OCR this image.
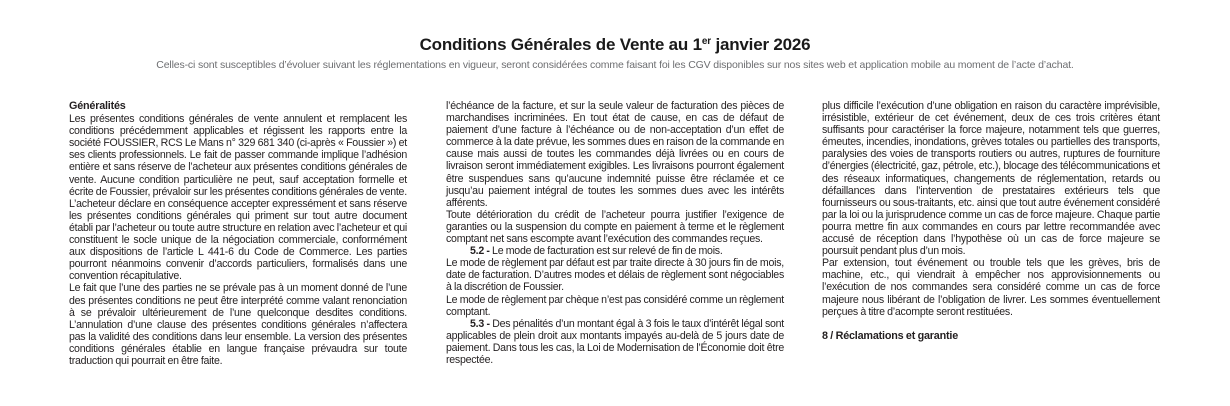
Conditions Générales de Vente au 1er janvier 2026
Celles-ci sont susceptibles d’évoluer suivant les réglementations en vigueur, seront considérées comme faisant foi les CGV disponibles sur nos sites web et application mobile au moment de l’acte d’achat.
Généralités

Les présentes conditions générales de vente annulent et remplacent les conditions précédemment applicables et régissent les rapports entre la société FOUSSIER, RCS Le Mans n° 329 681 340 (ci-après « Foussier ») et ses clients professionnels. Le fait de passer commande implique l’adhésion entière et sans réserve de l’acheteur aux présentes conditions générales de vente. Aucune condition particulière ne peut, sauf acceptation formelle et écrite de Foussier, prévaloir sur les présentes conditions générales de vente.

L’acheteur déclare en conséquence accepter expressément et sans réserve les présentes conditions générales qui priment sur tout autre document établi par l’acheteur ou toute autre structure en relation avec l’acheteur et qui constituent le socle unique de la négociation commerciale, conformément aux dispositions de l’article L 441-6 du Code de Commerce. Les parties pourront néanmoins convenir d’accords particuliers, formalisés dans une convention récapitulative.

Le fait que l’une des parties ne se prévale pas à un moment donné de l’une des présentes conditions ne peut être interprété comme valant renonciation à se prévaloir ultérieurement de l’une quelconque desdites conditions. L’annulation d’une clause des présentes conditions générales n’affectera pas la validité des conditions dans leur ensemble. La version des présentes conditions générales établie en langue française prévaudra sur toute traduction qui pourrait en être faite.

l’échéance de la facture, et sur la seule valeur de facturation des pièces de marchandises incriminées. En tout état de cause, en cas de défaut de paiement d’une facture à l’échéance ou de non-acceptation d’un effet de commerce à la date prévue, les sommes dues en raison de la commande en cause mais aussi de toutes les commandes déjà livrées ou en cours de livraison seront immédiatement exigibles. Les livraisons pourront également être suspendues sans qu’aucune indemnité puisse être réclamée et ce jusqu’au paiement intégral de toutes les sommes dues avec les intérêts afférents.

Toute détérioration du crédit de l’acheteur pourra justifier l’exigence de garanties ou la suspension du compte en paiement à terme et le règlement comptant net sans escompte avant l’exécution des commandes reçues.

5.2 - Le mode de facturation est sur relevé de fin de mois.

Le mode de règlement par défaut est par traite directe à 30 jours fin de mois, date de facturation. D’autres modes et délais de règlement sont négociables à la discrétion de Foussier.

Le mode de règlement par chèque n’est pas considéré comme un règlement comptant.

5.3 - Des pénalités d’un montant égal à 3 fois le taux d’intérêt légal sont applicables de plein droit aux montants impayés au-delà de 5 jours date de paiement. Dans tous les cas, la Loi de Modernisation de l’Économie doit être respectée.

plus difficile l’exécution d’une obligation en raison du caractère imprévisible, irrésistible, extérieur de cet événement, deux de ces trois critères étant suffisants pour caractériser la force majeure, notamment tels que guerres, émeutes, incendies, inondations, grèves totales ou partielles des transports, paralysies des voies de transports routiers ou autres, ruptures de fourniture d’énergies (électricité, gaz, pétrole, etc.), blocage des télécommunications et des réseaux informatiques, changements de réglementation, retards ou défaillances dans l’intervention de prestataires extérieurs tels que fournisseurs ou sous-traitants, etc. ainsi que tout autre événement considéré par la loi ou la jurisprudence comme un cas de force majeure. Chaque partie pourra mettre fin aux commandes en cours par lettre recommandée avec accusé de réception dans l’hypothèse où un cas de force majeure se poursuit pendant plus d’un mois.

Par extension, tout événement ou trouble tels que les grèves, bris de machine, etc., qui viendrait à empêcher nos approvisionnements ou l’exécution de nos commandes sera considéré comme un cas de force majeure nous libérant de l’obligation de livrer. Les sommes éventuellement perçues à titre d’acompte seront restituées.

8 / Réclamations et garantie
